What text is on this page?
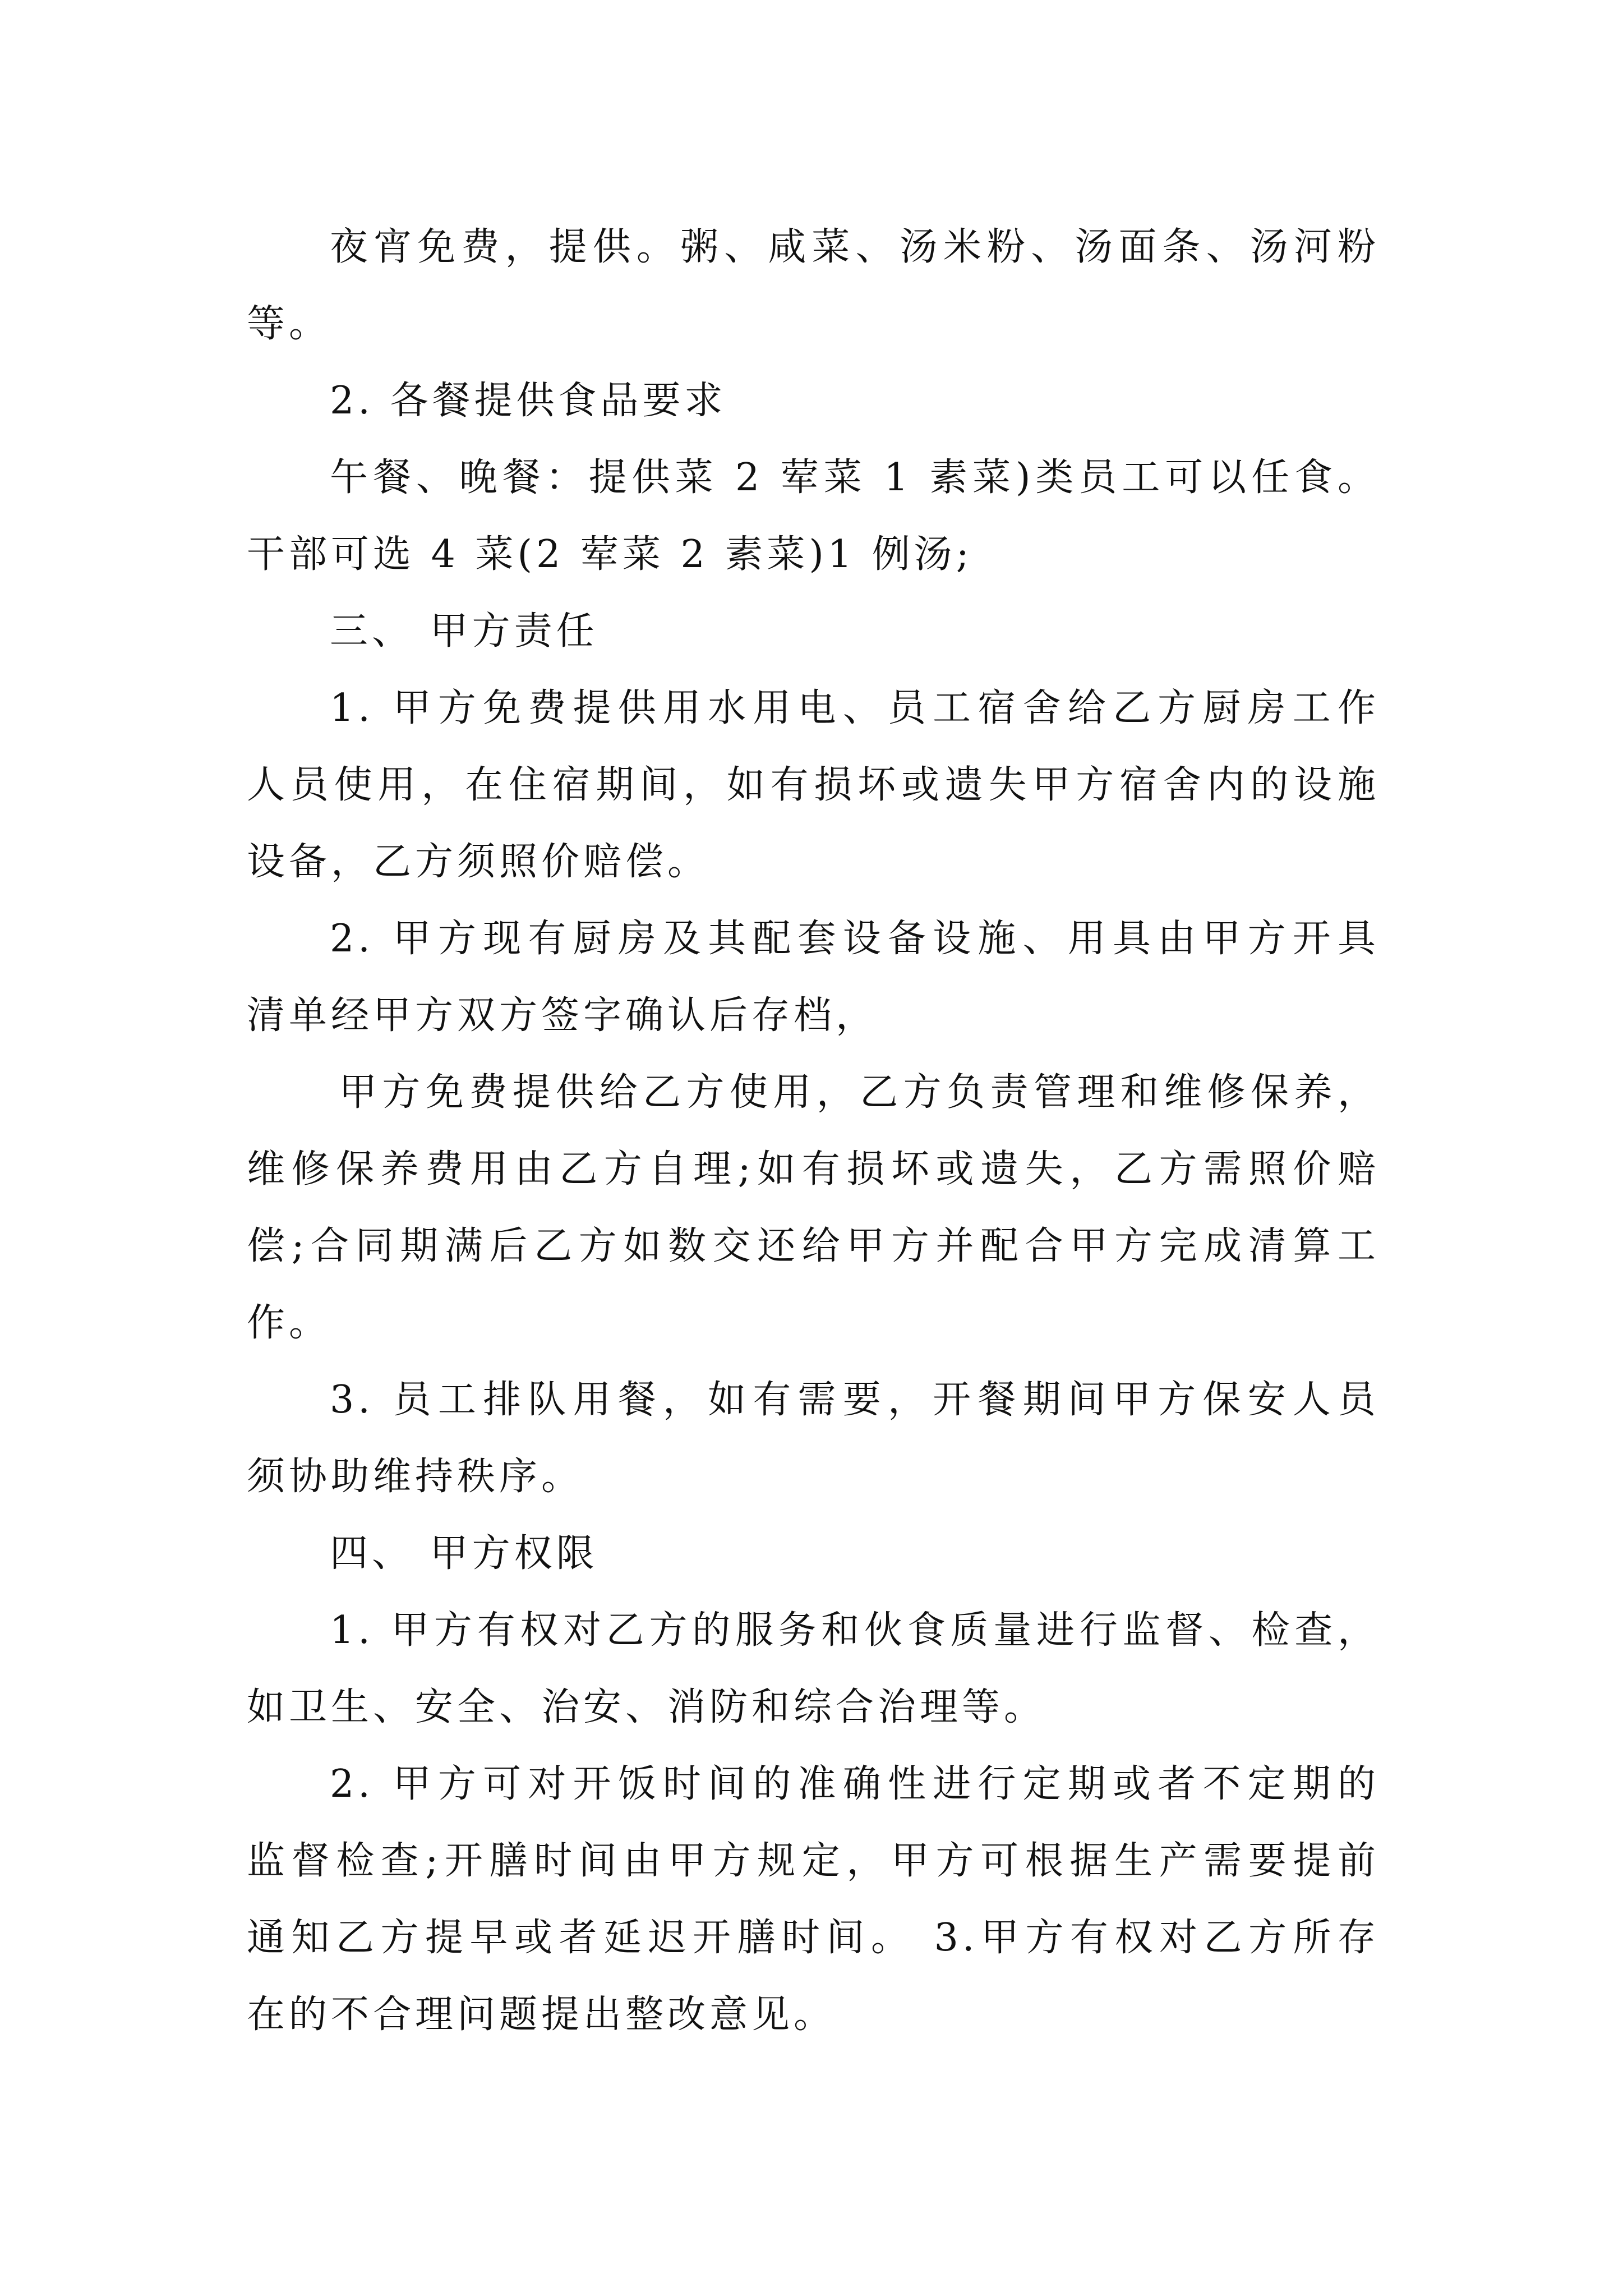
夜宵免费，提供。粥、咸菜、汤米粉、汤面条、汤河粉
等。
2. 各餐提供食品要求
午餐、晚餐：提供菜 2 荤菜 1 素菜)类员工可以任食。
干部可选 4 菜(2 荤菜 2 素菜)1 例汤;
三、 甲方责任
1. 甲方免费提供用水用电、员工宿舍给乙方厨房工作
人员使用，在住宿期间，如有损坏或遗失甲方宿舍内的设施
设备，乙方须照价赔偿。
2. 甲方现有厨房及其配套设备设施、用具由甲方开具
清单经甲方双方签字确认后存档，
甲方免费提供给乙方使用，乙方负责管理和维修保养，
维修保养费用由乙方自理;如有损坏或遗失，乙方需照价赔
偿;合同期满后乙方如数交还给甲方并配合甲方完成清算工
作。
3. 员工排队用餐，如有需要，开餐期间甲方保安人员
须协助维持秩序。
四、 甲方权限
1. 甲方有权对乙方的服务和伙食质量进行监督、检查，
如卫生、安全、治安、消防和综合治理等。
2. 甲方可对开饭时间的准确性进行定期或者不定期的
监督检查;开膳时间由甲方规定，甲方可根据生产需要提前
通知乙方提早或者延迟开膳时间。 3.甲方有权对乙方所存
在的不合理问题提出整改意见。
